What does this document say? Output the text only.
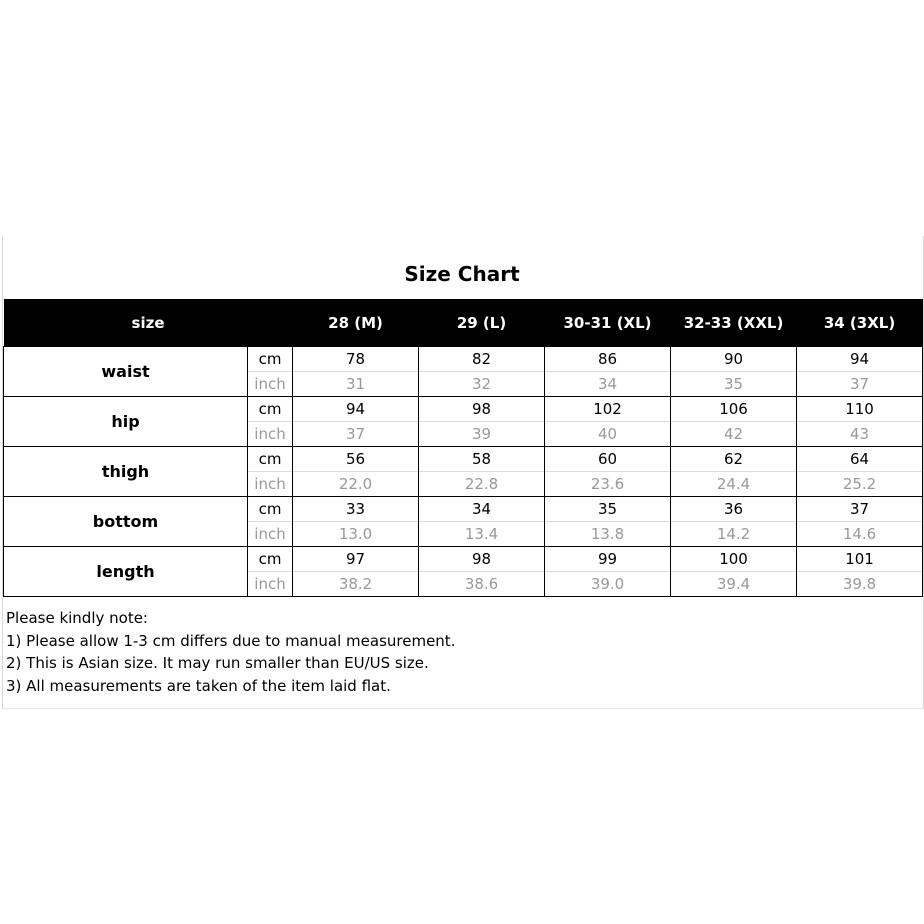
Size Chart
size		28 (M)	29 (L)	30-31 (XL)	32-33 (XXL)	34 (3XL)
waist	cm	78	82	86	90	94
	inch	31	32	34	35	37
hip	cm	94	98	102	106	110
	inch	37	39	40	42	43
thigh	cm	56	58	60	62	64
	inch	22.0	22.8	23.6	24.4	25.2
bottom	cm	33	34	35	36	37
	inch	13.0	13.4	13.8	14.2	14.6
length	cm	97	98	99	100	101
	inch	38.2	38.6	39.0	39.4	39.8

Please kindly note:

1) Please allow 1-3 cm differs due to manual measurement.

2) This is Asian size. It may run smaller than EU/US size.

3) All measurements are taken of the item laid flat.
